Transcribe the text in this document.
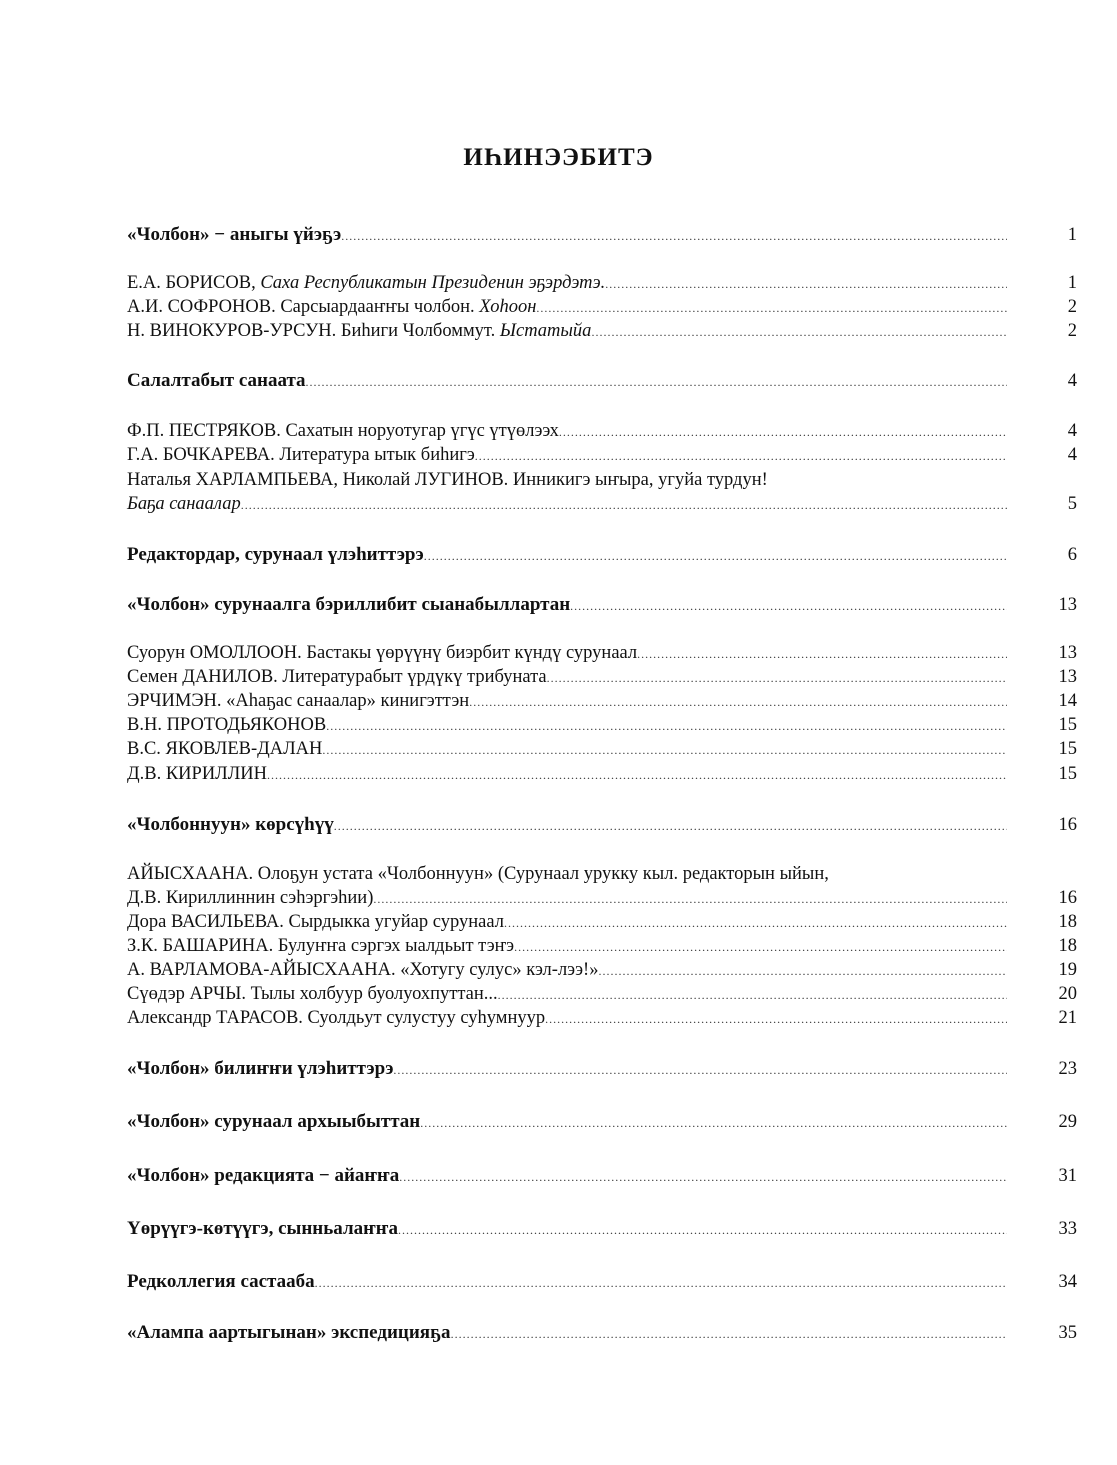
ИҺИНЭЭБИТЭ
«Чолбон» − аныгы үйэҕэ .....	1
Е.А. БОРИСОВ, Саха Республикатын Президенин эҕэрдэтэ. .....	1
А.И. СОФРОНОВ. Сарсыардааҥҥы чолбон. Хоһоон .....	2
Н. ВИНОКУРОВ-УРСУН. Биһиги Чолбоммут. Ыстатыйа .....	2
Салалтабыт санаата .....	4
Ф.П. ПЕСТРЯКОВ. Сахатын норуотугар үгүс үтүөлээх .....	4
Г.А. БОЧКАРЕВА. Литература ытык биһигэ .....	4
Наталья ХАРЛАМПЬЕВА, Николай ЛУГИНОВ. Инникигэ ыҥыра, угуйа турдун!
Баҕа санаалар .....	5
Редактордар, сурунаал үлэһиттэрэ .....	6
«Чолбон» сурунаалга бэриллибит сыанабыллартан .....	13
Суорун ОМОЛЛООН. Бастакы үөрүүнү биэрбит күндү сурунаал .....	13
Семен ДАНИЛОВ. Литературабыт үрдүкү трибуната .....	13
ЭРЧИМЭН. «Аһаҕас санаалар» кинигэттэн .....	14
В.Н. ПРОТОДЬЯКОНОВ .....	15
В.С. ЯКОВЛЕВ-ДАЛАН .....	15
Д.В. КИРИЛЛИН .....	15
«Чолбоннуун» көрсүһүү .....	16
АЙЫСХААНА. Олоҕун устата «Чолбоннуун» (Сурунаал урукку кыл. редакторын ыйын,
Д.В. Кириллиннин сэһэргэһии) .....	16
Дора ВАСИЛЬЕВА. Сырдыкка угуйар сурунаал .....	18
З.К. БАШАРИНА. Булуҥҥа сэргэх ыалдьыт тэҥэ .....	18
А. ВАРЛАМОВА-АЙЫСХААНА. «Хотугу сулус» кэл-лээ!» .....	19
Сүөдэр АРЧЫ. Тылы холбуур буолуохпуттан... .....	20
Александр ТАРАСОВ. Суолдьут сулустуу суһумнуур .....	21
«Чолбон» билиҥҥи үлэһиттэрэ .....	23
«Чолбон» сурунаал архыыбыттан .....	29
«Чолбон» редакциятa − айаҥҥа .....	31
Үөрүүгэ-көтүүгэ, сынньалаҥҥа .....	33
Редколлегия састааба .....	34
«Алампа аартыгынан» экспедицияҕа .....	35
